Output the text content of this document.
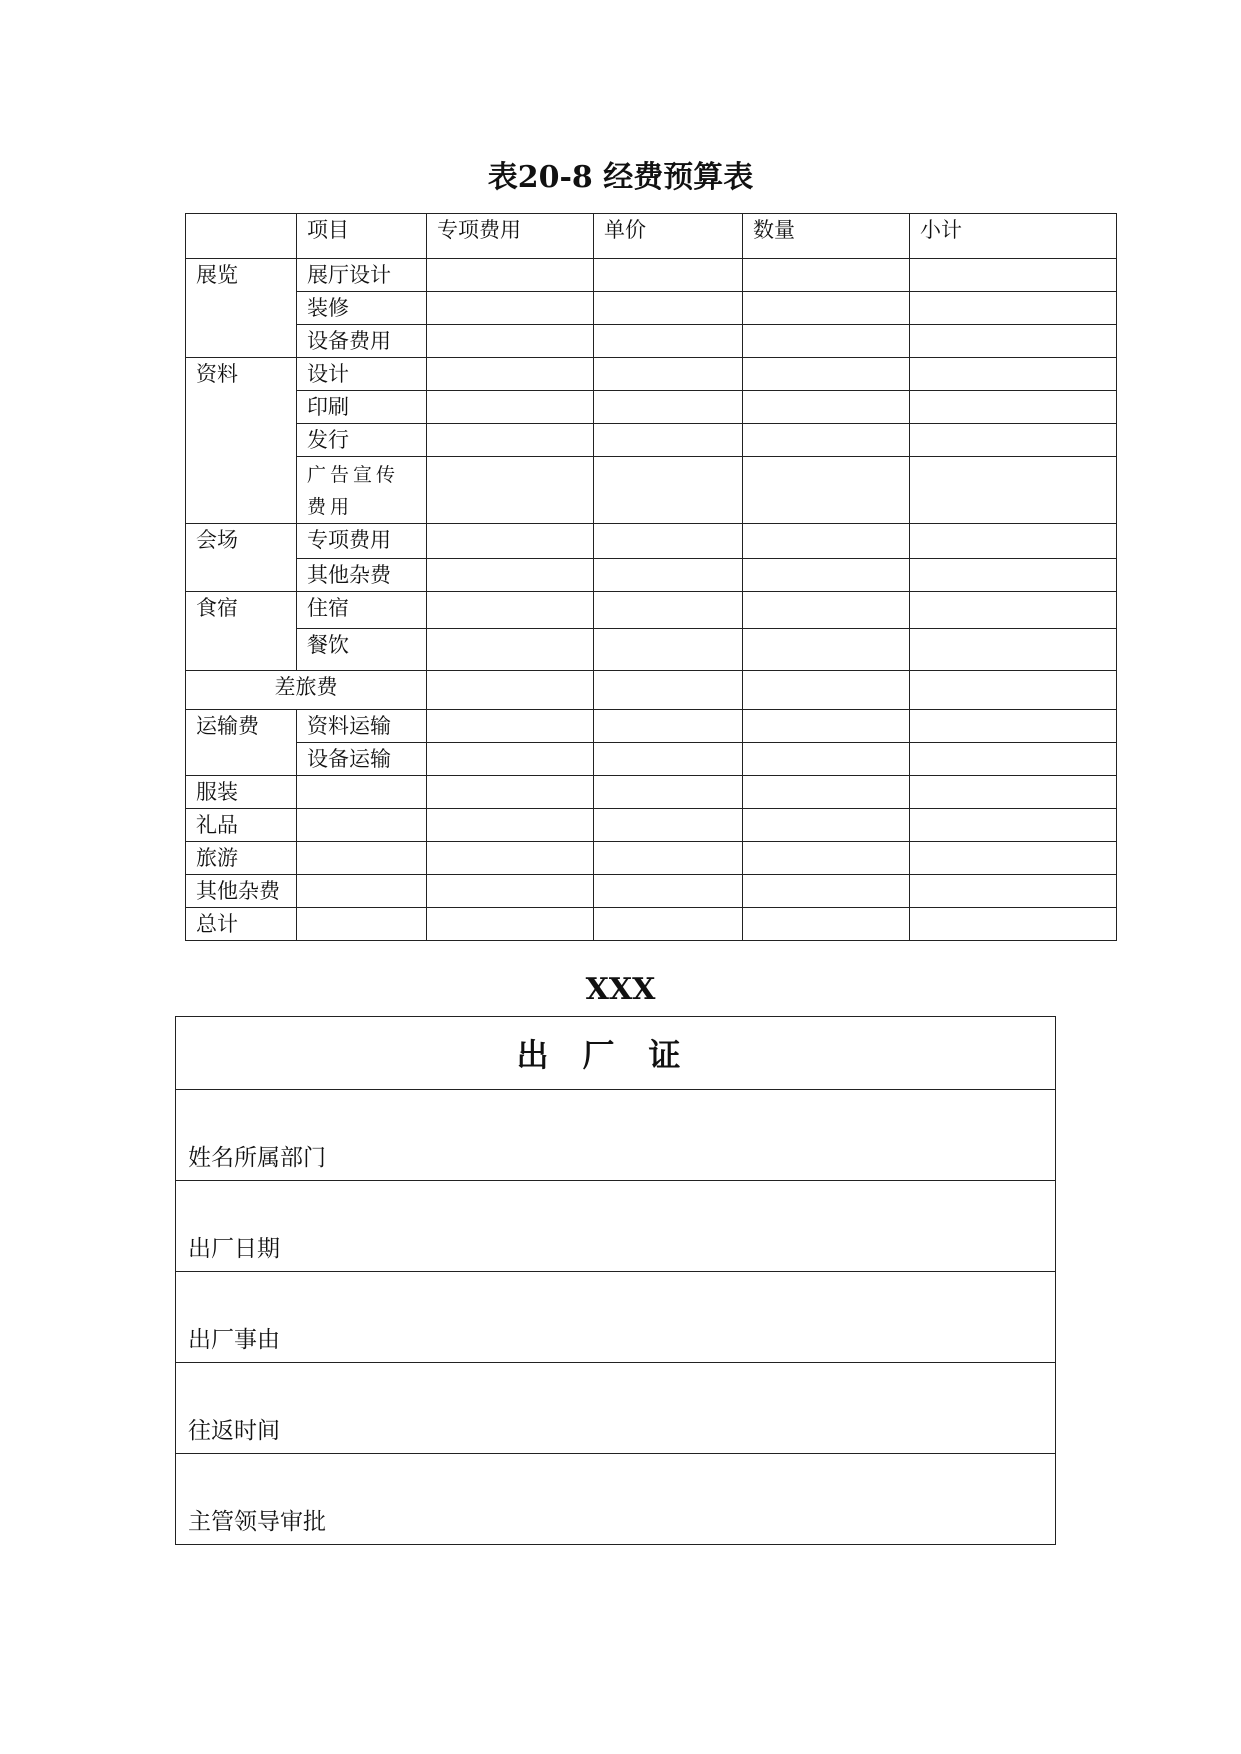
表20-8 经费预算表
	项目	专项费用	单价	数量	小计
展览	展厅设计				
	装修				
	设备费用				
资料	设计				
	印刷				
	发行				
	广告宣传费用				
会场	专项费用				
	其他杂费				
食宿	住宿				
	餐饮				
差旅费					
运输费	资料运输				
	设备运输				
服装					
礼品					
旅游					
其他杂费					
总计					
XXX
出厂证
姓名所属部门
出厂日期
出厂事由
往返时间
主管领导审批
